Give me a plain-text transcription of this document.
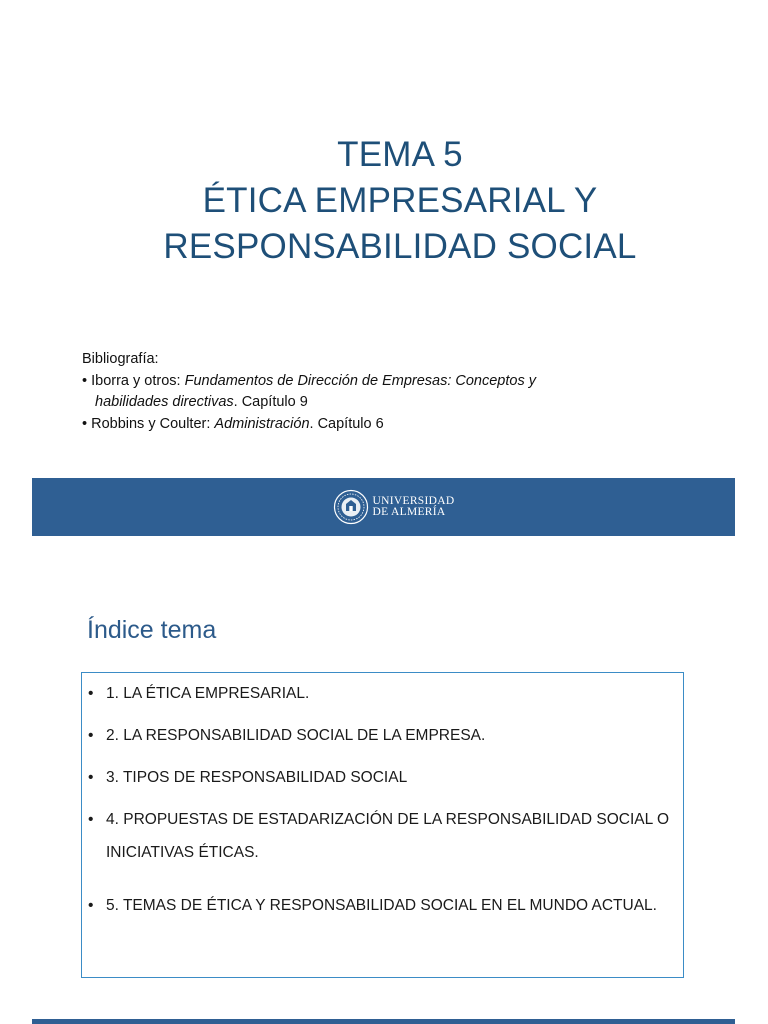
TEMA 5
ÉTICA EMPRESARIAL Y
RESPONSABILIDAD SOCIAL
Bibliografía:
• Iborra y otros: Fundamentos de Dirección de Empresas: Conceptos y
habilidades directivas. Capítulo 9
• Robbins y Coulter: Administración. Capítulo 6
UNIVERSIDAD
DE ALMERÍA
Índice tema
• 1. LA ÉTICA EMPRESARIAL.
• 2. LA RESPONSABILIDAD SOCIAL DE LA EMPRESA.
• 3. TIPOS DE RESPONSABILIDAD SOCIAL
• 4. PROPUESTAS DE ESTADARIZACIÓN DE LA RESPONSABILIDAD SOCIAL O INICIATIVAS ÉTICAS.
• 5. TEMAS DE ÉTICA Y RESPONSABILIDAD SOCIAL EN EL MUNDO ACTUAL.
